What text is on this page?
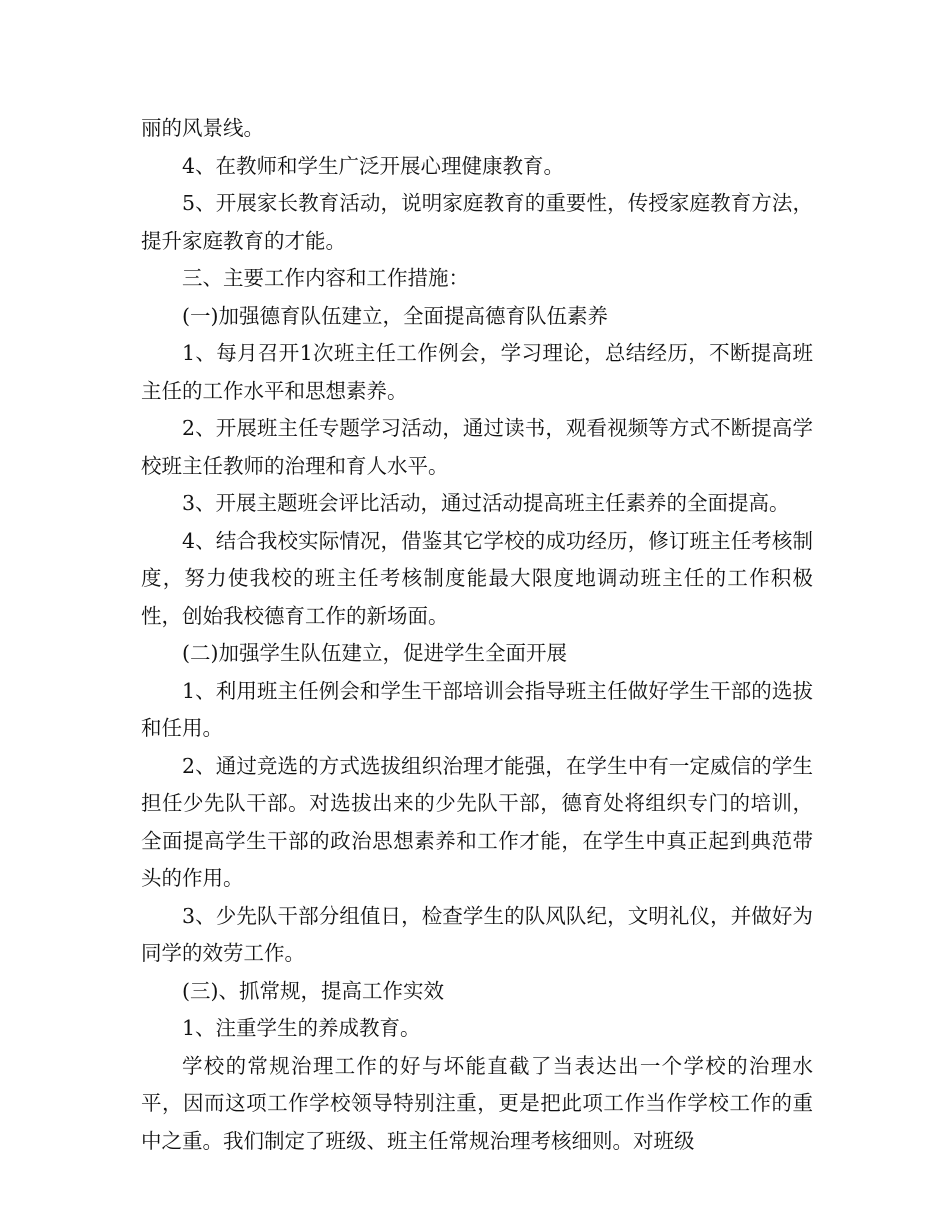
丽的风景线。

4、在教师和学生广泛开展心理健康教育。

5、开展家长教育活动，说明家庭教育的重要性，传授家庭教育方法，提升家庭教育的才能。

三、主要工作内容和工作措施：

(一)加强德育队伍建立，全面提高德育队伍素养

1、每月召开1次班主任工作例会，学习理论，总结经历，不断提高班主任的工作水平和思想素养。

2、开展班主任专题学习活动，通过读书，观看视频等方式不断提高学校班主任教师的治理和育人水平。

3、开展主题班会评比活动，通过活动提高班主任素养的全面提高。

4、结合我校实际情况，借鉴其它学校的成功经历，修订班主任考核制度，努力使我校的班主任考核制度能最大限度地调动班主任的工作积极性，创始我校德育工作的新场面。

(二)加强学生队伍建立，促进学生全面开展

1、利用班主任例会和学生干部培训会指导班主任做好学生干部的选拔和任用。

2、通过竞选的方式选拔组织治理才能强，在学生中有一定威信的学生担任少先队干部。对选拔出来的少先队干部，德育处将组织专门的培训，全面提高学生干部的政治思想素养和工作才能，在学生中真正起到典范带头的作用。

3、少先队干部分组值日，检查学生的队风队纪，文明礼仪，并做好为同学的效劳工作。

(三)、抓常规，提高工作实效

1、注重学生的养成教育。

学校的常规治理工作的好与坏能直截了当表达出一个学校的治理水平，因而这项工作学校领导特别注重，更是把此项工作当作学校工作的重中之重。我们制定了班级、班主任常规治理考核细则。对班级
